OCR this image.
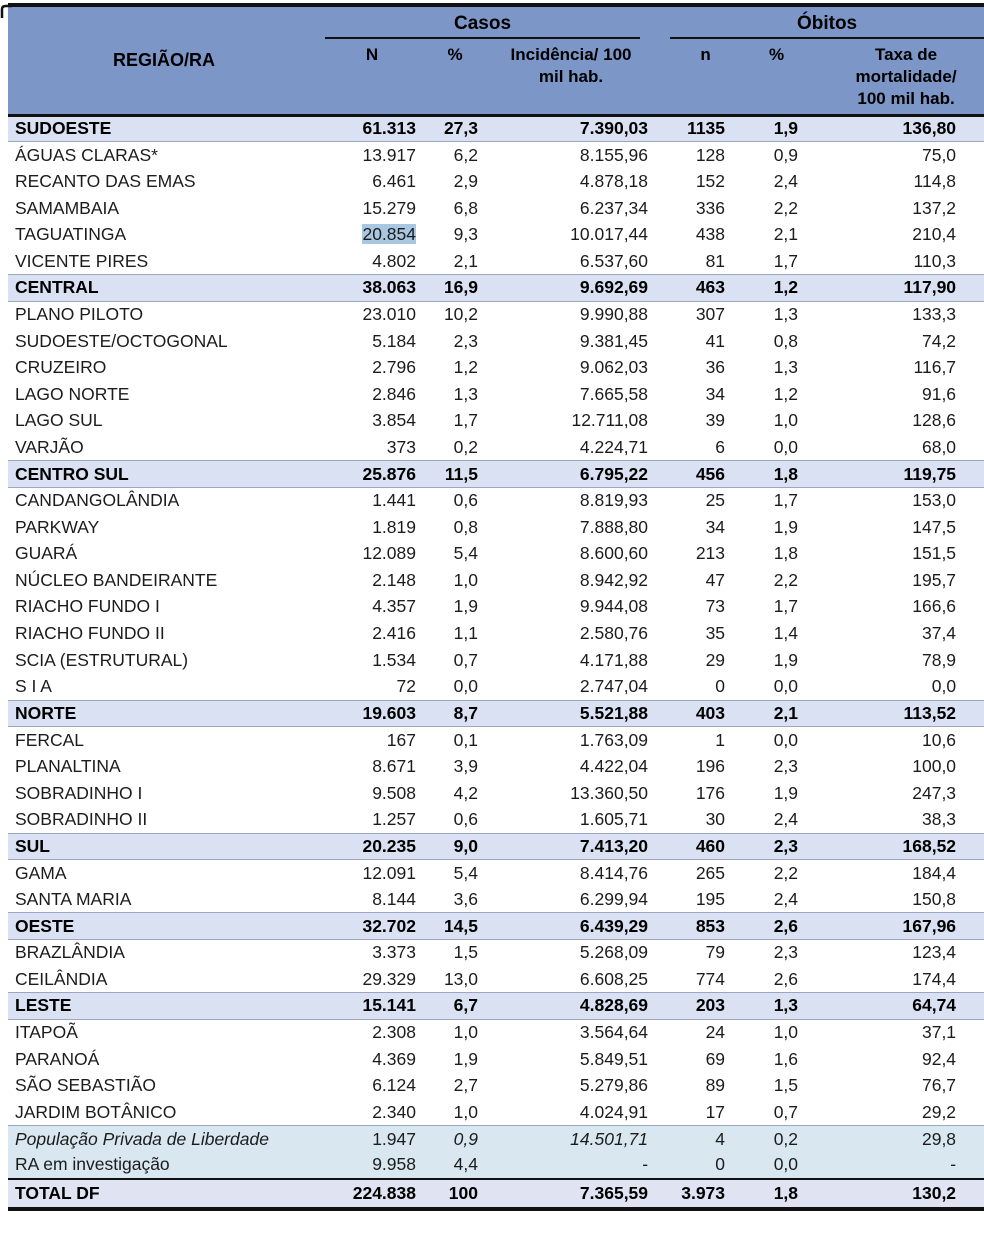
REGIÃO/RA	Casos			Óbitos		

N	%	Incidência/ 100
mil hab.

n	%	Taxa de
mortalidade/
100 mil hab.

SUDOESTE	61.313	27,3	7.390,03	1135	1,9	136,80
ÁGUAS CLARAS*	13.917	6,2	8.155,96	128	0,9	75,0
RECANTO DAS EMAS	6.461	2,9	4.878,18	152	2,4	114,8
SAMAMBAIA	15.279	6,8	6.237,34	336	2,2	137,2
TAGUATINGA	20.854	9,3	10.017,44	438	2,1	210,4
VICENTE PIRES	4.802	2,1	6.537,60	81	1,7	110,3
CENTRAL	38.063	16,9	9.692,69	463	1,2	117,90
PLANO PILOTO	23.010	10,2	9.990,88	307	1,3	133,3
SUDOESTE/OCTOGONAL	5.184	2,3	9.381,45	41	0,8	74,2
CRUZEIRO	2.796	1,2	9.062,03	36	1,3	116,7
LAGO NORTE	2.846	1,3	7.665,58	34	1,2	91,6
LAGO SUL	3.854	1,7	12.711,08	39	1,0	128,6
VARJÃO	373	0,2	4.224,71	6	0,0	68,0
CENTRO SUL	25.876	11,5	6.795,22	456	1,8	119,75
CANDANGOLÂNDIA	1.441	0,6	8.819,93	25	1,7	153,0
PARKWAY	1.819	0,8	7.888,80	34	1,9	147,5
GUARÁ	12.089	5,4	8.600,60	213	1,8	151,5
NÚCLEO BANDEIRANTE	2.148	1,0	8.942,92	47	2,2	195,7
RIACHO FUNDO I	4.357	1,9	9.944,08	73	1,7	166,6
RIACHO FUNDO II	2.416	1,1	2.580,76	35	1,4	37,4
SCIA (ESTRUTURAL)	1.534	0,7	4.171,88	29	1,9	78,9
S I A	72	0,0	2.747,04	0	0,0	0,0
NORTE	19.603	8,7	5.521,88	403	2,1	113,52
FERCAL	167	0,1	1.763,09	1	0,0	10,6
PLANALTINA	8.671	3,9	4.422,04	196	2,3	100,0
SOBRADINHO I	9.508	4,2	13.360,50	176	1,9	247,3
SOBRADINHO II	1.257	0,6	1.605,71	30	2,4	38,3
SUL	20.235	9,0	7.413,20	460	2,3	168,52
GAMA	12.091	5,4	8.414,76	265	2,2	184,4
SANTA MARIA	8.144	3,6	6.299,94	195	2,4	150,8
OESTE	32.702	14,5	6.439,29	853	2,6	167,96
BRAZLÂNDIA	3.373	1,5	5.268,09	79	2,3	123,4
CEILÂNDIA	29.329	13,0	6.608,25	774	2,6	174,4
LESTE	15.141	6,7	4.828,69	203	1,3	64,74
ITAPOÃ	2.308	1,0	3.564,64	24	1,0	37,1
PARANOÁ	4.369	1,9	5.849,51	69	1,6	92,4
SÃO SEBASTIÃO	6.124	2,7	5.279,86	89	1,5	76,7
JARDIM BOTÂNICO	2.340	1,0	4.024,91	17	0,7	29,2
População Privada de Liberdade	1.947	0,9	14.501,71	4	0,2	29,8
RA em investigação	9.958	4,4	-	0	0,0	-
TOTAL DF	224.838	100	7.365,59	3.973	1,8	130,2
